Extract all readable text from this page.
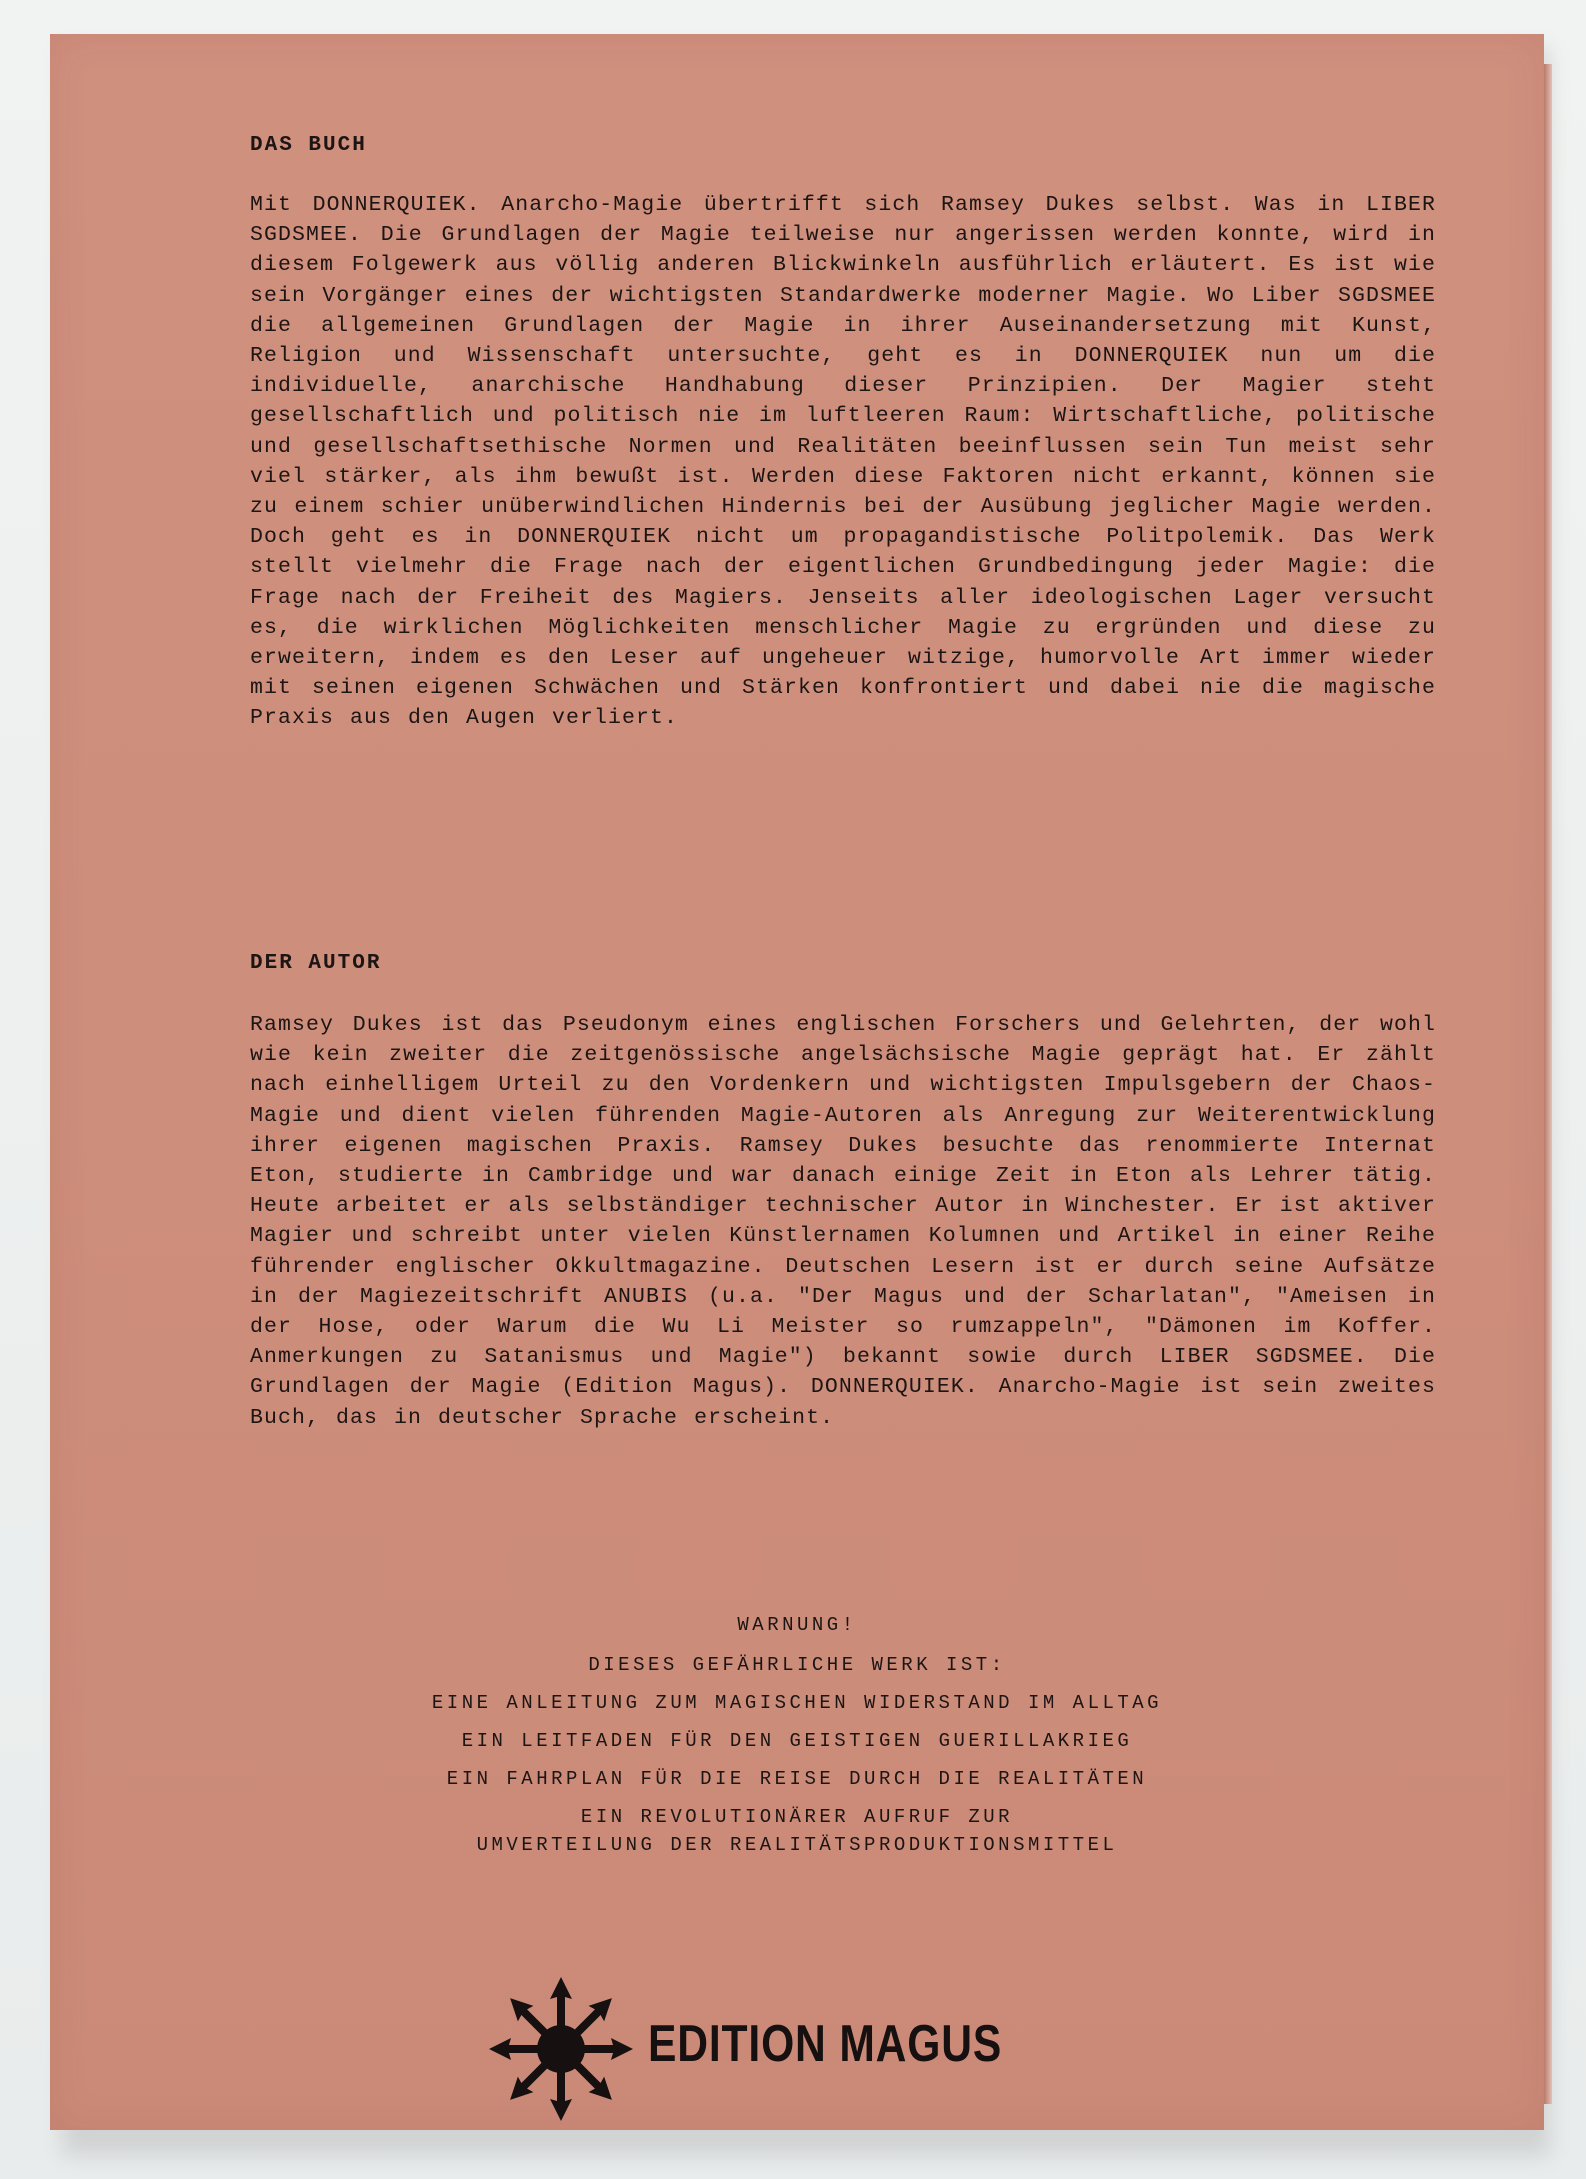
DAS BUCH
Mit DONNERQUIEK. Anarcho-Magie übertrifft sich Ramsey Dukes selbst. Was in LIBER SGDSMEE. Die Grundlagen der Magie teilweise nur angerissen werden konnte, wird in diesem Folgewerk aus völlig anderen Blickwinkeln ausführlich erläutert. Es ist wie sein Vorgänger eines der wichtigsten Standardwerke moderner Magie. Wo Liber SGDSMEE die allgemeinen Grundlagen der Magie in ihrer Auseinandersetzung mit Kunst, Religion und Wissenschaft untersuchte, geht es in DONNERQUIEK nun um die individuelle, anarchische Handhabung dieser Prinzipien. Der Magier steht gesellschaftlich und politisch nie im luftleeren Raum: Wirtschaftliche, politische und gesellschaftsethische Normen und Realitäten beeinflussen sein Tun meist sehr viel stärker, als ihm bewußt ist. Werden diese Faktoren nicht erkannt, können sie zu einem schier unüberwindlichen Hindernis bei der Ausübung jeglicher Magie werden. Doch geht es in DONNERQUIEK nicht um propagandistische Politpolemik. Das Werk stellt vielmehr die Frage nach der eigentlichen Grundbedingung jeder Magie: die Frage nach der Freiheit des Magiers. Jenseits aller ideologischen Lager versucht es, die wirklichen Möglichkeiten menschlicher Magie zu ergründen und diese zu erweitern, indem es den Leser auf ungeheuer witzige, humorvolle Art immer wieder mit seinen eigenen Schwächen und Stärken konfrontiert und dabei nie die magische Praxis aus den Augen verliert.
DER AUTOR
Ramsey Dukes ist das Pseudonym eines englischen Forschers und Gelehrten, der wohl wie kein zweiter die zeitgenössische angelsächsische Magie geprägt hat. Er zählt nach einhelligem Urteil zu den Vordenkern und wichtigsten Impulsgebern der Chaos-Magie und dient vielen führenden Magie-Autoren als Anregung zur Weiterentwicklung ihrer eigenen magischen Praxis. Ramsey Dukes besuchte das renommierte Internat Eton, studierte in Cambridge und war danach einige Zeit in Eton als Lehrer tätig. Heute arbeitet er als selbständiger technischer Autor in Winchester. Er ist aktiver Magier und schreibt unter vielen Künstlernamen Kolumnen und Artikel in einer Reihe führender englischer Okkultmagazine. Deutschen Lesern ist er durch seine Aufsätze in der Magiezeitschrift ANUBIS (u.a. "Der Magus und der Scharlatan", "Ameisen in der Hose, oder Warum die Wu Li Meister so rumzappeln", "Dämonen im Koffer. Anmerkungen zu Satanismus und Magie") bekannt sowie durch LIBER SGDSMEE. Die Grundlagen der Magie (Edition Magus). DONNERQUIEK. Anarcho-Magie ist sein zweites Buch, das in deutscher Sprache erscheint.
WARNUNG!
DIESES GEFÄHRLICHE WERK IST:
EINE ANLEITUNG ZUM MAGISCHEN WIDERSTAND IM ALLTAG
EIN LEITFADEN FÜR DEN GEISTIGEN GUERILLAKRIEG
EIN FAHRPLAN FÜR DIE REISE DURCH DIE REALITÄTEN
EIN REVOLUTIONÄRER AUFRUF ZUR
UMVERTEILUNG DER REALITÄTSPRODUKTIONSMITTEL
EDITION MAGUS
